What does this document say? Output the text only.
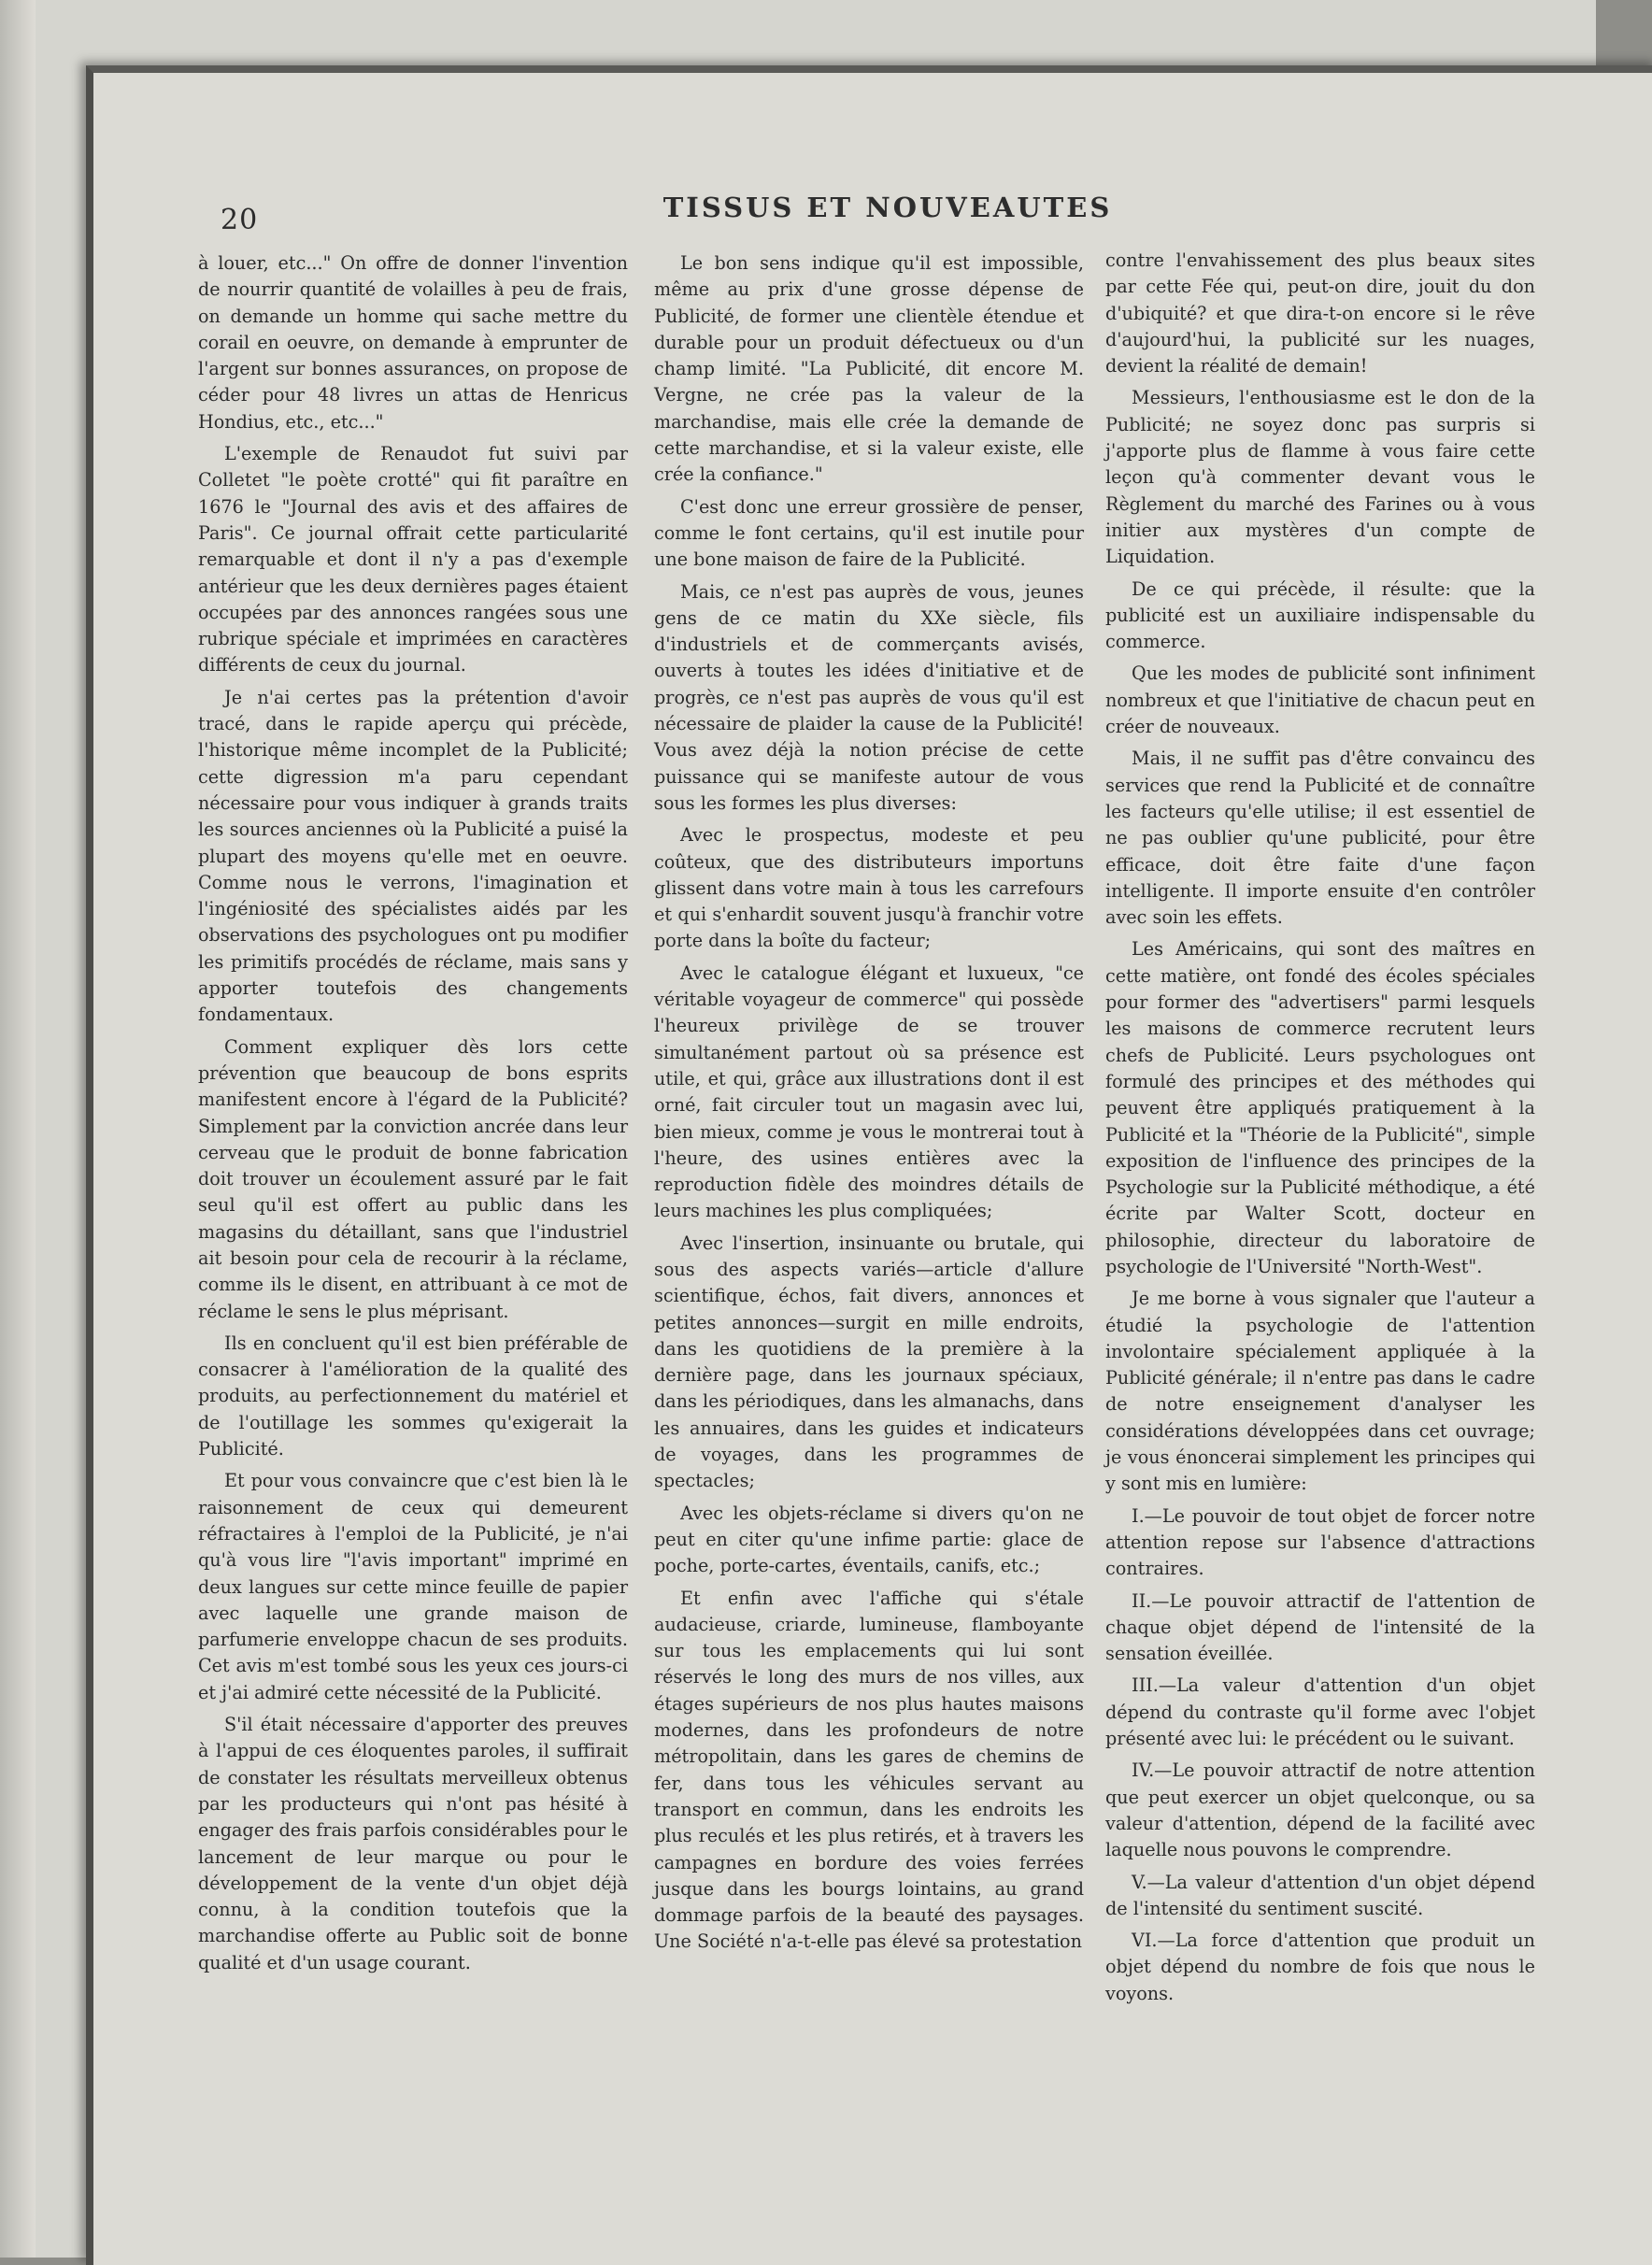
20	TISSUS ET NOUVEAUTES

à louer, etc..." On offre de donner l'invention de nourrir quantité de volailles à peu de frais, on demande un homme qui sache mettre du corail en oeuvre, on demande à emprunter de l'argent sur bonnes assurances, on propose de céder pour 48 livres un attas de Henricus Hondius, etc., etc..."

L'exemple de Renaudot fut suivi par Colletet "le poète crotté" qui fit paraître en 1676 le "Journal des avis et des affaires de Paris". Ce journal offrait cette particularité remarquable et dont il n'y a pas d'exemple antérieur que les deux dernières pages étaient occupées par des annonces rangées sous une rubrique spéciale et imprimées en caractères différents de ceux du journal.

Je n'ai certes pas la prétention d'avoir tracé, dans le rapide aperçu qui précède, l'historique même incomplet de la Publicité; cette digression m'a paru cependant nécessaire pour vous indiquer à grands traits les sources anciennes où la Publicité a puisé la plupart des moyens qu'elle met en oeuvre. Comme nous le verrons, l'imagination et l'ingéniosité des spécialistes aidés par les observations des psychologues ont pu modifier les primitifs procédés de réclame, mais sans y apporter toutefois des changements fondamentaux.

Comment expliquer dès lors cette prévention que beaucoup de bons esprits manifestent encore à l'égard de la Publicité? Simplement par la conviction ancrée dans leur cerveau que le produit de bonne fabrication doit trouver un écoulement assuré par le fait seul qu'il est offert au public dans les magasins du détaillant, sans que l'industriel ait besoin pour cela de recourir à la réclame, comme ils le disent, en attribuant à ce mot de réclame le sens le plus méprisant.

Ils en concluent qu'il est bien préférable de consacrer à l'amélioration de la qualité des produits, au perfectionnement du matériel et de l'outillage les sommes qu'exigerait la Publicité.

Et pour vous convaincre que c'est bien là le raisonnement de ceux qui demeurent réfractaires à l'emploi de la Publicité, je n'ai qu'à vous lire "l'avis important" imprimé en deux langues sur cette mince feuille de papier avec laquelle une grande maison de parfumerie enveloppe chacun de ses produits. Cet avis m'est tombé sous les yeux ces jours-ci et j'ai admiré cette nécessité de la Publicité.

S'il était nécessaire d'apporter des preuves à l'appui de ces éloquentes paroles, il suffirait de constater les résultats merveilleux obtenus par les producteurs qui n'ont pas hésité à engager des frais parfois considérables pour le lancement de leur marque ou pour le développement de la vente d'un objet déjà connu, à la condition toutefois que la marchandise offerte au Public soit de bonne qualité et d'un usage courant.

Le bon sens indique qu'il est impossible, même au prix d'une grosse dépense de Publicité, de former une clientèle étendue et durable pour un produit défectueux ou d'un champ limité. "La Publicité, dit encore M. Vergne, ne crée pas la valeur de la marchandise, mais elle crée la demande de cette marchandise, et si la valeur existe, elle crée la confiance."

C'est donc une erreur grossière de penser, comme le font certains, qu'il est inutile pour une bone maison de faire de la Publicité.

Mais, ce n'est pas auprès de vous, jeunes gens de ce matin du XXe siècle, fils d'industriels et de commerçants avisés, ouverts à toutes les idées d'initiative et de progrès, ce n'est pas auprès de vous qu'il est nécessaire de plaider la cause de la Publicité! Vous avez déjà la notion précise de cette puissance qui se manifeste autour de vous sous les formes les plus diverses:

Avec le prospectus, modeste et peu coûteux, que des distributeurs importuns glissent dans votre main à tous les carrefours et qui s'enhardit souvent jusqu'à franchir votre porte dans la boîte du facteur;

Avec le catalogue élégant et luxueux, "ce véritable voyageur de commerce" qui possède l'heureux privilège de se trouver simultanément partout où sa présence est utile, et qui, grâce aux illustrations dont il est orné, fait circuler tout un magasin avec lui, bien mieux, comme je vous le montrerai tout à l'heure, des usines entières avec la reproduction fidèle des moindres détails de leurs machines les plus compliquées;

Avec l'insertion, insinuante ou brutale, qui sous des aspects variés—article d'allure scientifique, échos, fait divers, annonces et petites annonces—surgit en mille endroits, dans les quotidiens de la première à la dernière page, dans les journaux spéciaux, dans les périodiques, dans les almanachs, dans les annuaires, dans les guides et indicateurs de voyages, dans les programmes de spectacles;

Avec les objets-réclame si divers qu'on ne peut en citer qu'une infime partie: glace de poche, porte-cartes, éventails, canifs, etc.;

Et enfin avec l'affiche qui s'étale audacieuse, criarde, lumineuse, flamboyante sur tous les emplacements qui lui sont réservés le long des murs de nos villes, aux étages supérieurs de nos plus hautes maisons modernes, dans les profondeurs de notre métropolitain, dans les gares de chemins de fer, dans tous les véhicules servant au transport en commun, dans les endroits les plus reculés et les plus retirés, et à travers les campagnes en bordure des voies ferrées jusque dans les bourgs lointains, au grand dommage parfois de la beauté des paysages. Une Société n'a-t-elle pas élevé sa protestation

contre l'envahissement des plus beaux sites par cette Fée qui, peut-on dire, jouit du don d'ubiquité? et que dira-t-on encore si le rêve d'aujourd'hui, la publicité sur les nuages, devient la réalité de demain!

Messieurs, l'enthousiasme est le don de la Publicité; ne soyez donc pas surpris si j'apporte plus de flamme à vous faire cette leçon qu'à commenter devant vous le Règlement du marché des Farines ou à vous initier aux mystères d'un compte de Liquidation.

De ce qui précède, il résulte: que la publicité est un auxiliaire indispensable du commerce.

Que les modes de publicité sont infiniment nombreux et que l'initiative de chacun peut en créer de nouveaux.

Mais, il ne suffit pas d'être convaincu des services que rend la Publicité et de connaître les facteurs qu'elle utilise; il est essentiel de ne pas oublier qu'une publicité, pour être efficace, doit être faite d'une façon intelligente. Il importe ensuite d'en contrôler avec soin les effets.

Les Américains, qui sont des maîtres en cette matière, ont fondé des écoles spéciales pour former des "advertisers" parmi lesquels les maisons de commerce recrutent leurs chefs de Publicité. Leurs psychologues ont formulé des principes et des méthodes qui peuvent être appliqués pratiquement à la Publicité et la "Théorie de la Publicité", simple exposition de l'influence des principes de la Psychologie sur la Publicité méthodique, a été écrite par Walter Scott, docteur en philosophie, directeur du laboratoire de psychologie de l'Université "North-West".

Je me borne à vous signaler que l'auteur a étudié la psychologie de l'attention involontaire spécialement appliquée à la Publicité générale; il n'entre pas dans le cadre de notre enseignement d'analyser les considérations développées dans cet ouvrage; je vous énoncerai simplement les principes qui y sont mis en lumière:

I.—Le pouvoir de tout objet de forcer notre attention repose sur l'absence d'attractions contraires.

II.—Le pouvoir attractif de l'attention de chaque objet dépend de l'intensité de la sensation éveillée.

III.—La valeur d'attention d'un objet dépend du contraste qu'il forme avec l'objet présenté avec lui: le précédent ou le suivant.

IV.—Le pouvoir attractif de notre attention que peut exercer un objet quelconque, ou sa valeur d'attention, dépend de la facilité avec laquelle nous pouvons le comprendre.

V.—La valeur d'attention d'un objet dépend de l'intensité du sentiment suscité.

VI.—La force d'attention que produit un objet dépend du nombre de fois que nous le voyons.
